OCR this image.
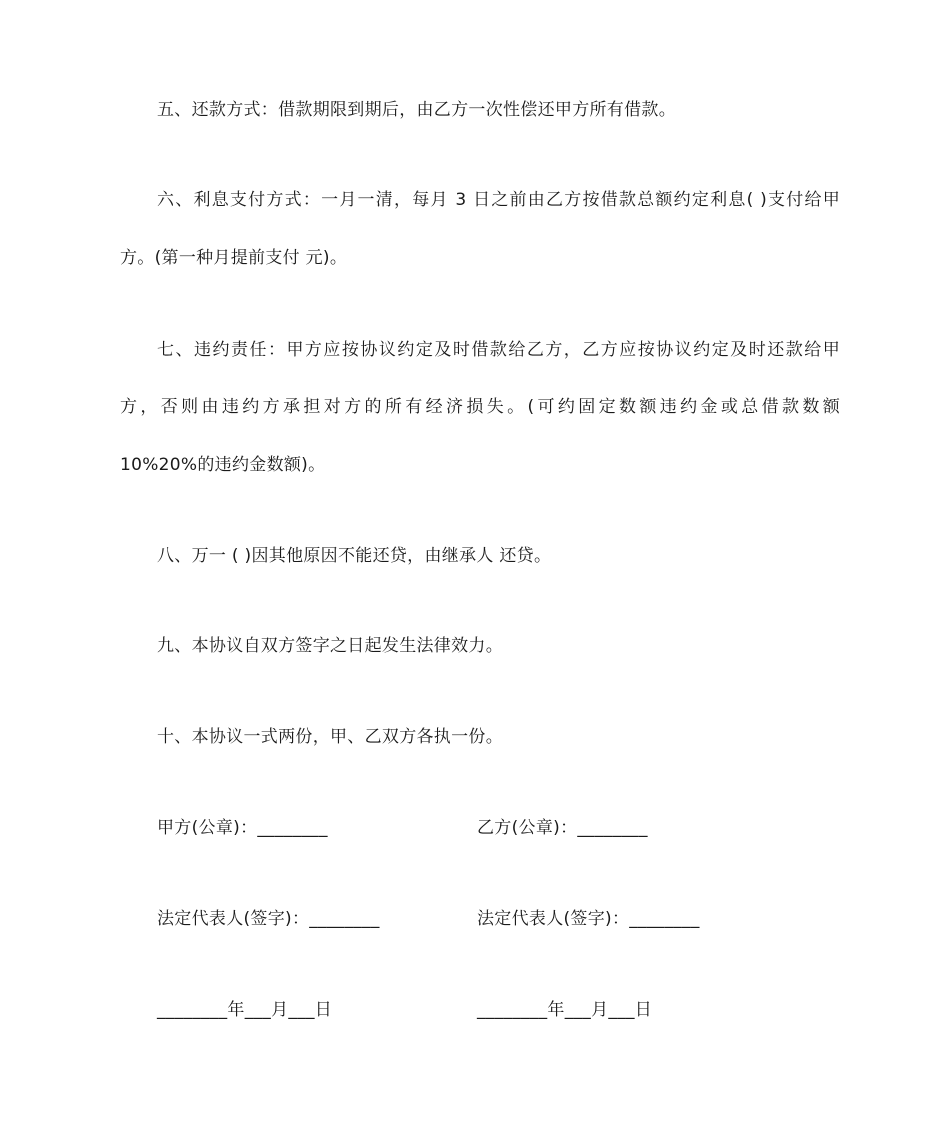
五、还款方式：借款期限到期后，由乙方一次性偿还甲方所有借款。
六、利息支付方式：一月一清，每月 3 日之前由乙方按借款总额约定利息( )支付给甲
方。(第一种月提前支付 元)。
七、违约责任：甲方应按协议约定及时借款给乙方，乙方应按协议约定及时还款给甲
方，否则由违约方承担对方的所有经济损失。(可约固定数额违约金或总借款数额
10%20%的违约金数额)。
八、万一 ( )因其他原因不能还贷，由继承人 还贷。
九、本协议自双方签字之日起发生法律效力。
十、本协议一式两份，甲、乙双方各执一份。
甲方(公章)：________	乙方(公章)：________
法定代表人(签字)：________	法定代表人(签字)：________
________年___月___日	________年___月___日
